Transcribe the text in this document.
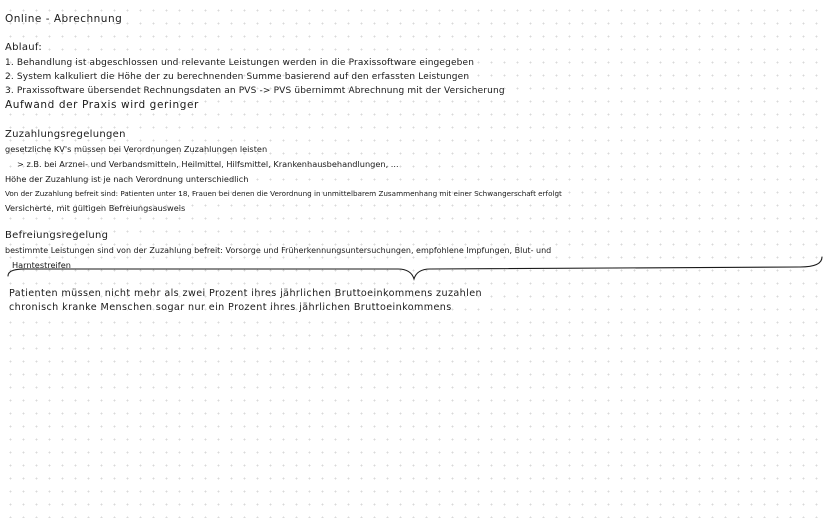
Online - Abrechnung
Ablauf:
1. Behandlung ist abgeschlossen und relevante Leistungen werden in die Praxissoftware eingegeben
2. System kalkuliert die Höhe der zu berechnenden Summe basierend auf den erfassten Leistungen
3. Praxissoftware übersendet Rechnungsdaten an PVS -> PVS übernimmt Abrechnung mit der Versicherung
Aufwand der Praxis wird geringer
Zuzahlungsregelungen
gesetzliche KV's müssen bei Verordnungen Zuzahlungen leisten
> z.B. bei Arznei- und Verbandsmitteln, Heilmittel, Hilfsmittel, Krankenhausbehandlungen, ...
Höhe der Zuzahlung ist je nach Verordnung unterschiedlich
Von der Zuzahlung befreit sind: Patienten unter 18, Frauen bei denen die Verordnung in unmittelbarem Zusammenhang mit einer Schwangerschaft erfolgt
Versicherte, mit gültigen Befreiungsausweis
Befreiungsregelung
bestimmte Leistungen sind von der Zuzahlung befreit: Vorsorge und Früherkennungsuntersuchungen, empfohlene Impfungen, Blut- und
Harntestreifen
Patienten müssen nicht mehr als zwei Prozent ihres jährlichen Bruttoeinkommens zuzahlen
chronisch kranke Menschen sogar nur ein Prozent ihres jährlichen Bruttoeinkommens
